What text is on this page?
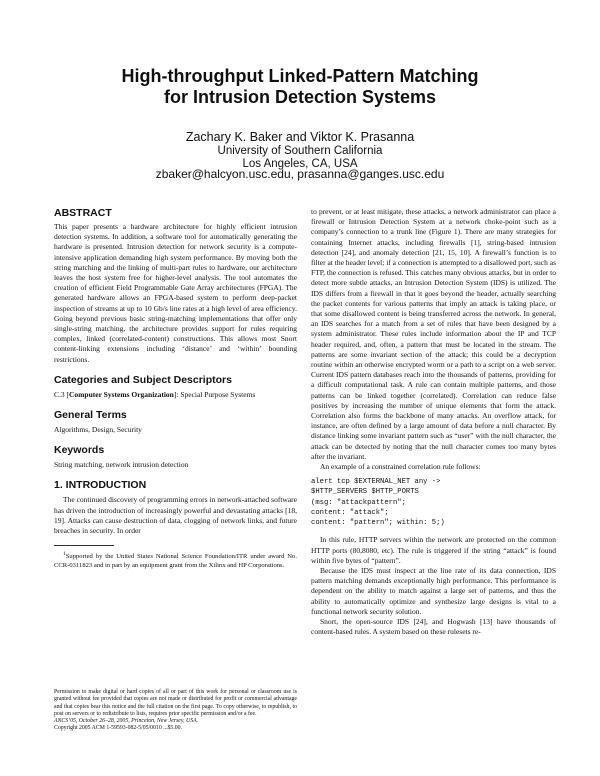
High-throughput Linked-Pattern Matching
for Intrusion Detection Systems
Zachary K. Baker and Viktor K. Prasanna
University of Southern California
Los Angeles, CA, USA
zbaker@halcyon.usc.edu, prasanna@ganges.usc.edu
ABSTRACT

This paper presents a hardware architecture for highly efficient intrusion detection systems. In addition, a software tool for automatically generating the hardware is presented. Intrusion detection for network security is a compute-intensive application demanding high system performance. By moving both the string matching and the linking of multi-part rules to hardware, our architecture leaves the host system free for higher-level analysis. The tool automates the creation of efficient Field Programmable Gate Array architectures (FPGA). The generated hardware allows an FPGA-based system to perform deep-packet inspection of streams at up to 10 Gb/s line rates at a high level of area efficiency. Going beyond previous basic string-matching implementations that offer only single-string matching, the architecture provides support for rules requiring complex, linked (correlated-content) constructions. This allows most Snort content-linking extensions including ‘distance’ and ‘within’ bounding restrictions.

Categories and Subject Descriptors

C.3 [Computer Systems Organization]: Special Purpose Systems

General Terms

Algorithms, Design, Security

Keywords

String matching, network intrusion detection

1. INTRODUCTION

The continued discovery of programming errors in network-attached software has driven the introduction of increasingly powerful and devastating attacks [18, 19]. Attacks can cause destruction of data, clogging of network links, and future breaches in security. In order

$^1$Supported by the United States National Science Foundation/ITR under award No. CCR-0311823 and in part by an equipment grant from the Xilinx and HP Corporations.

Permission to make digital or hard copies of all or part of this work for personal or classroom use is granted without fee provided that copies are not made or distributed for profit or commercial advantage and that copies bear this notice and the full citation on the first page. To copy otherwise, to republish, to post on servers or to redistribute to lists, requires prior specific permission and/or a fee.

ANCS’05, October 26–28, 2005, Princeton, New Jersey, USA.

Copyright 2005 ACM 1-59593-082-5/05/0010 ...$5.00.

to prevent, or at least mitigate, these attacks, a network administrator can place a firewall or Intrusion Detection System at a network choke-point such as a company’s connection to a trunk line (Figure 1). There are many strategies for containing Internet attacks, including firewalls [1], string-based intrusion detection [24], and anomaly detection [21, 15, 10]. A firewall’s function is to filter at the header level; if a connection is attempted to a disallowed port, such as FTP, the connection is refused. This catches many obvious attacks, but in order to detect more subtle attacks, an Intrusion Detection System (IDS) is utilized. The IDS differs from a firewall in that it goes beyond the header, actually searching the packet contents for various patterns that imply an attack is taking place, or that some disallowed content is being transferred across the network. In general, an IDS searches for a match from a set of rules that have been designed by a system administrator. These rules include information about the IP and TCP header required, and, often, a pattern that must be located in the stream. The patterns are some invariant section of the attack; this could be a decryption routine within an otherwise encrypted worm or a path to a script on a web server. Current IDS pattern databases reach into the thousands of patterns, providing for a difficult computational task. A rule can contain multiple patterns, and those patterns can be linked together (correlated). Correlation can reduce false positives by increasing the number of unique elements that form the attack. Correlation also forms the backbone of many attacks. An overflow attack, for instance, are often defined by a large amount of data before a null character. By distance linking some invariant pattern such as “user” with the null character, the attack can be detected by noting that the null character comes too many bytes after the invariant.

An example of a constrained correlation rule follows:

alert tcp $EXTERNAL_NET any ->
$HTTP_SERVERS $HTTP_PORTS
(msg: "attackpattern";
content: "attack";
content: "pattern"; within: 5;)

In this rule, HTTP servers within the network are protected on the common HTTP ports (80,8080, etc). The rule is triggered if the string “attack” is found within five bytes of “pattern”.

Because the IDS must inspect at the line rate of its data connection, IDS pattern matching demands exceptionally high performance. This performance is dependent on the ability to match against a large set of patterns, and thus the ability to automatically optimize and synthesize large designs is vital to a functional network security solution.

Snort, the open-source IDS [24], and Hogwash [13] have thousands of content-based rules. A system based on these rulesets re-
